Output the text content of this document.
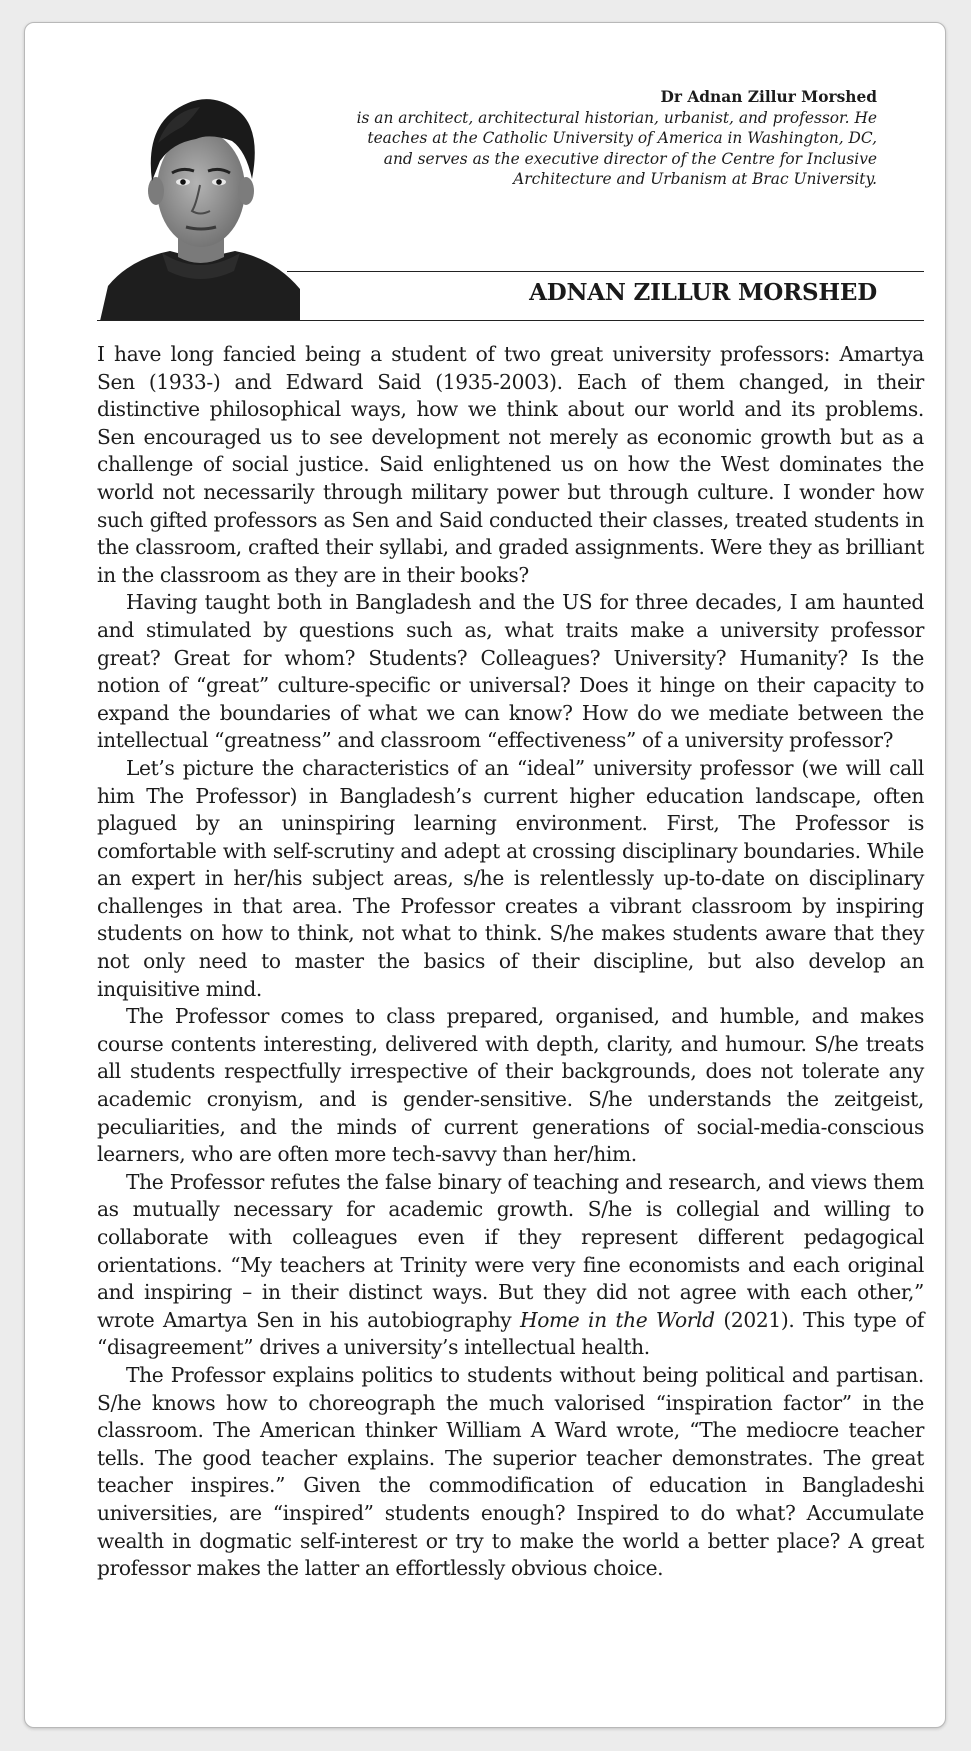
Dr Adnan Zillur Morshed
is an architect, architectural historian, urbanist, and professor. He teaches at the Catholic University of America in Washington, DC, and serves as the executive director of the Centre for Inclusive Architecture and Urbanism at Brac University.
ADNAN ZILLUR MORSHED

I have long fancied being a student of two great university professors: Amartya Sen (1933-) and Edward Said (1935-2003). Each of them changed, in their distinctive philosophical ways, how we think about our world and its problems. Sen encouraged us to see development not merely as economic growth but as a challenge of social justice. Said enlightened us on how the West dominates the world not necessarily through military power but through culture. I wonder how such gifted professors as Sen and Said conducted their classes, treated students in the classroom, crafted their syllabi, and graded assignments. Were they as brilliant in the classroom as they are in their books?

Having taught both in Bangladesh and the US for three decades, I am haunted and stimulated by questions such as, what traits make a university professor great? Great for whom? Students? Colleagues? University? Humanity? Is the notion of “great” culture-specific or universal? Does it hinge on their capacity to expand the boundaries of what we can know? How do we mediate between the intellectual “greatness” and classroom “effectiveness” of a university professor?

Let’s picture the characteristics of an “ideal” university professor (we will call him The Professor) in Bangladesh’s current higher education landscape, often plagued by an uninspiring learning environment. First, The Professor is comfortable with self-scrutiny and adept at crossing disciplinary boundaries. While an expert in her/his subject areas, s/he is relentlessly up-to-date on disciplinary challenges in that area. The Professor creates a vibrant classroom by inspiring students on how to think, not what to think. S/he makes students aware that they not only need to master the basics of their discipline, but also develop an inquisitive mind.

The Professor comes to class prepared, organised, and humble, and makes course contents interesting, delivered with depth, clarity, and humour. S/he treats all students respectfully irrespective of their backgrounds, does not tolerate any academic cronyism, and is gender-sensitive. S/he understands the zeitgeist, peculiarities, and the minds of current generations of social-media-conscious learners, who are often more tech-savvy than her/him.

The Professor refutes the false binary of teaching and research, and views them as mutually necessary for academic growth. S/he is collegial and willing to collaborate with colleagues even if they represent different pedagogical orientations. “My teachers at Trinity were very fine economists and each original and inspiring – in their distinct ways. But they did not agree with each other,” wrote Amartya Sen in his autobiography Home in the World (2021). This type of “disagreement” drives a university’s intellectual health.

The Professor explains politics to students without being political and partisan. S/he knows how to choreograph the much valorised “inspiration factor” in the classroom. The American thinker William A Ward wrote, “The mediocre teacher tells. The good teacher explains. The superior teacher demonstrates. The great teacher inspires.” Given the commodification of education in Bangladeshi universities, are “inspired” students enough? Inspired to do what? Accumulate wealth in dogmatic self-interest or try to make the world a better place? A great professor makes the latter an effortlessly obvious choice.
